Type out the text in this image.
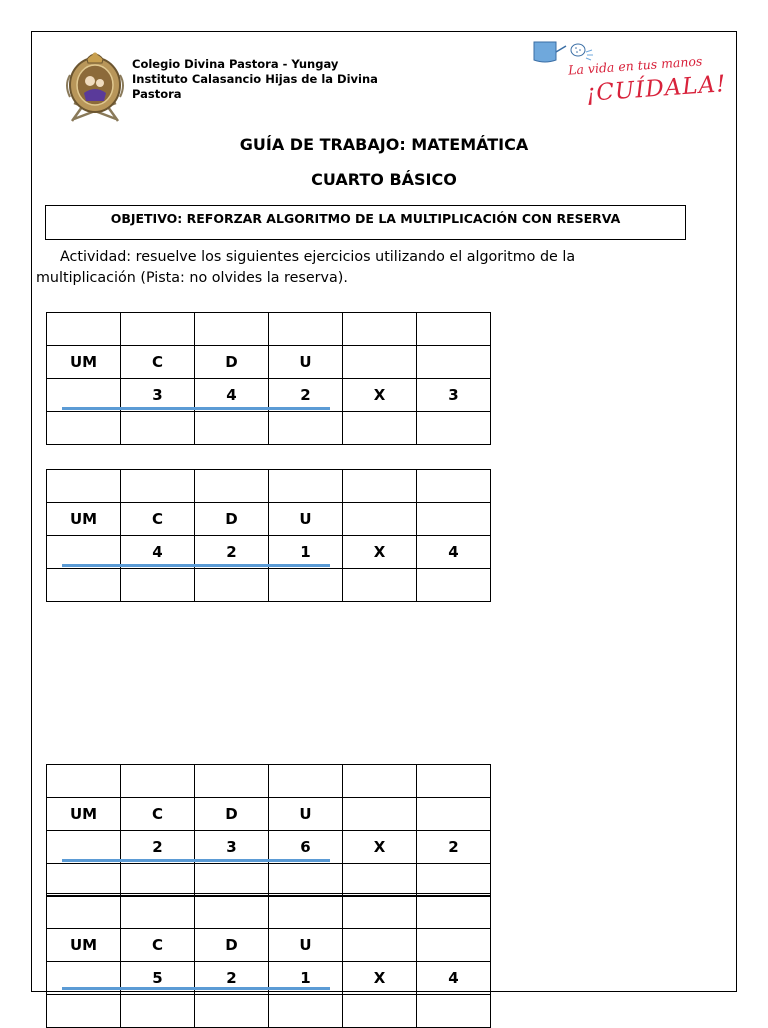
Colegio Divina Pastora - Yungay
Instituto Calasancio Hijas de la Divina
Pastora
La vida en tus manos
¡CUÍDALA!
GUÍA DE TRABAJO: MATEMÁTICA
CUARTO BÁSICO
OBJETIVO: REFORZAR ALGORITMO DE LA MULTIPLICACIÓN CON RESERVA
Actividad: resuelve los siguientes ejercicios utilizando el algoritmo de la multiplicación (Pista: no olvides la reserva).

UM	C	D	U		
	3	4	2	X	3

UM	C	D	U		
	4	2	1	X	4

UM	C	D	U		
	2	3	6	X	2

UM	C	D	U		
	5	2	1	X	4
